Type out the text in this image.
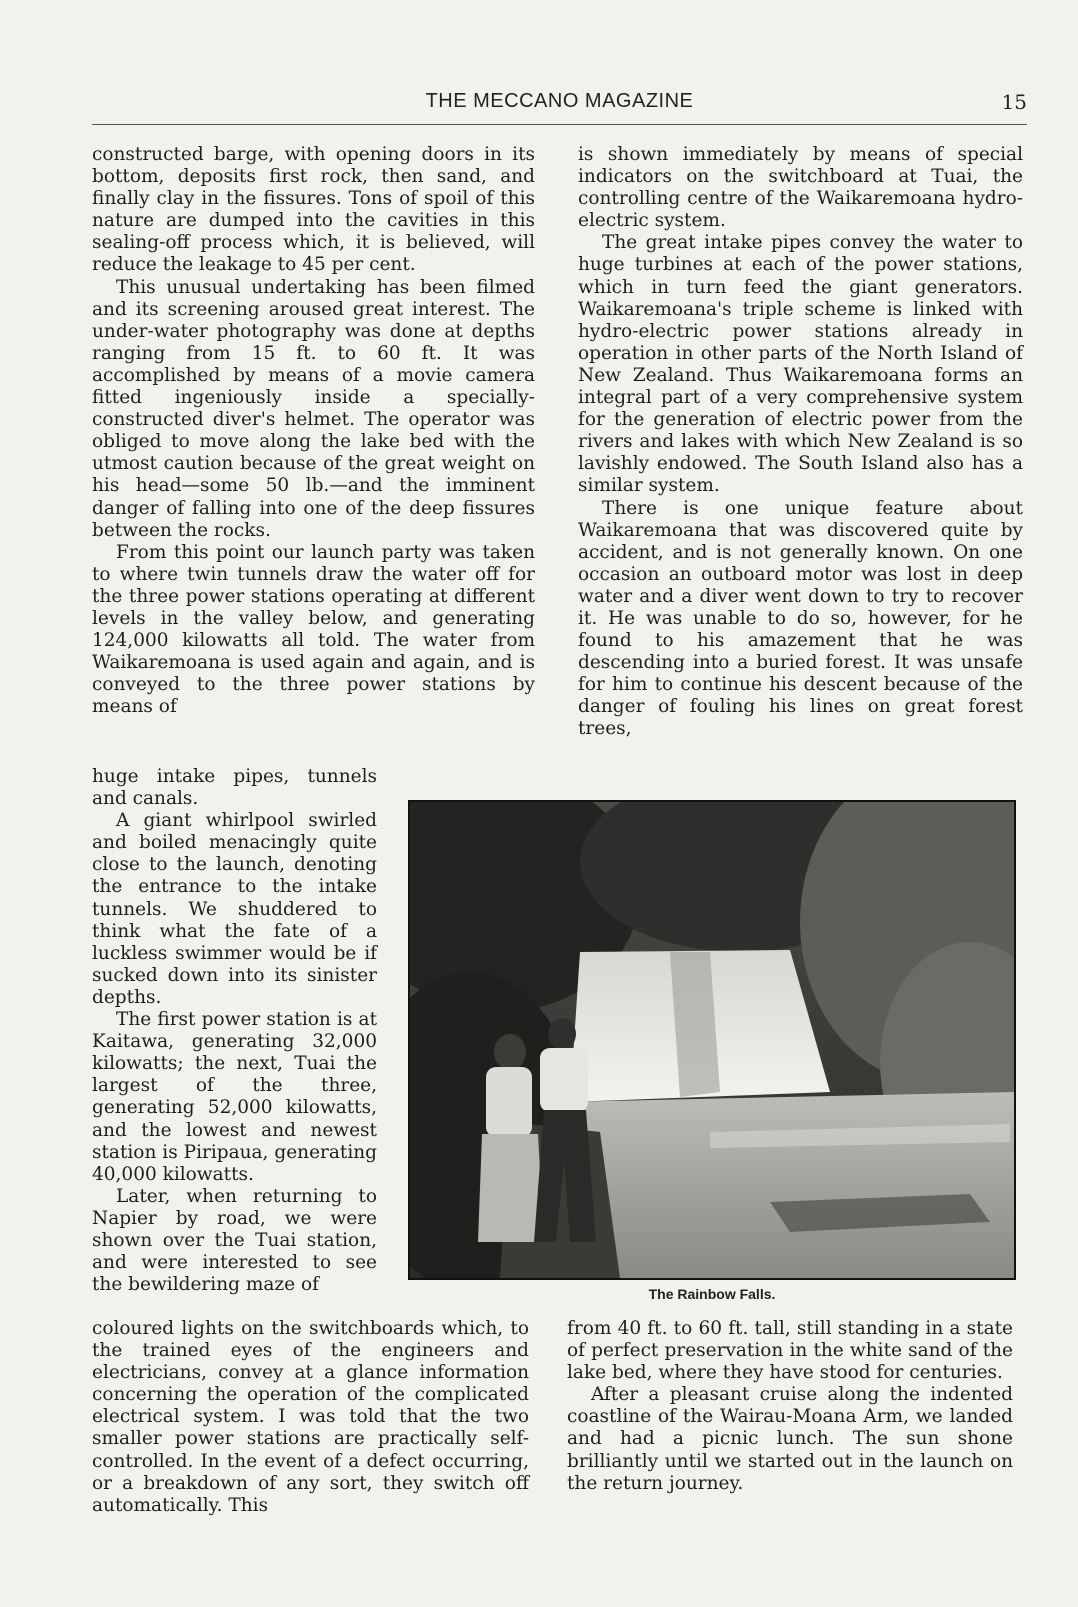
THE MECCANO MAGAZINE	15

constructed barge, with opening doors in its bottom, deposits first rock, then sand, and finally clay in the fissures. Tons of spoil of this nature are dumped into the cavities in this sealing-off process which, it is believed, will reduce the leakage to 45 per cent.

This unusual undertaking has been filmed and its screening aroused great interest. The under-water photography was done at depths ranging from 15 ft. to 60 ft. It was accomplished by means of a movie camera fitted ingeniously inside a specially-constructed diver's helmet. The operator was obliged to move along the lake bed with the utmost caution because of the great weight on his head—some 50 lb.—and the imminent danger of falling into one of the deep fissures between the rocks.

From this point our launch party was taken to where twin tunnels draw the water off for the three power stations operating at different levels in the valley below, and generating 124,000 kilowatts all told. The water from Waikaremoana is used again and again, and is conveyed to the three power stations by means of

huge intake pipes, tunnels and canals.

A giant whirlpool swirled and boiled menacingly quite close to the launch, denoting the entrance to the intake tunnels. We shuddered to think what the fate of a luckless swimmer would be if sucked down into its sinister depths.

The first power station is at Kaitawa, generating 32,000 kilowatts; the next, Tuai the largest of the three, generating 52,000 kilowatts, and the lowest and newest station is Piripaua, generating 40,000 kilowatts.

Later, when returning to Napier by road, we were shown over the Tuai station, and were interested to see the bewildering maze of

coloured lights on the switchboards which, to the trained eyes of the engineers and electricians, convey at a glance information concerning the operation of the complicated electrical system. I was told that the two smaller power stations are practically self-controlled. In the event of a defect occurring, or a breakdown of any sort, they switch off automatically. This

is shown immediately by means of special indicators on the switchboard at Tuai, the controlling centre of the Waikaremoana hydro-electric system.

The great intake pipes convey the water to huge turbines at each of the power stations, which in turn feed the giant generators. Waikaremoana's triple scheme is linked with hydro-electric power stations already in operation in other parts of the North Island of New Zealand. Thus Waikaremoana forms an integral part of a very comprehensive system for the generation of electric power from the rivers and lakes with which New Zealand is so lavishly endowed. The South Island also has a similar system.

There is one unique feature about Waikaremoana that was discovered quite by accident, and is not generally known. On one occasion an outboard motor was lost in deep water and a diver went down to try to recover it. He was unable to do so, however, for he found to his amazement that he was descending into a buried forest. It was unsafe for him to continue his descent because of the danger of fouling his lines on great forest trees,

The Rainbow Falls.

from 40 ft. to 60 ft. tall, still standing in a state of perfect preservation in the white sand of the lake bed, where they have stood for centuries.

After a pleasant cruise along the indented coastline of the Wairau-Moana Arm, we landed and had a picnic lunch. The sun shone brilliantly until we started out in the launch on the return journey.
